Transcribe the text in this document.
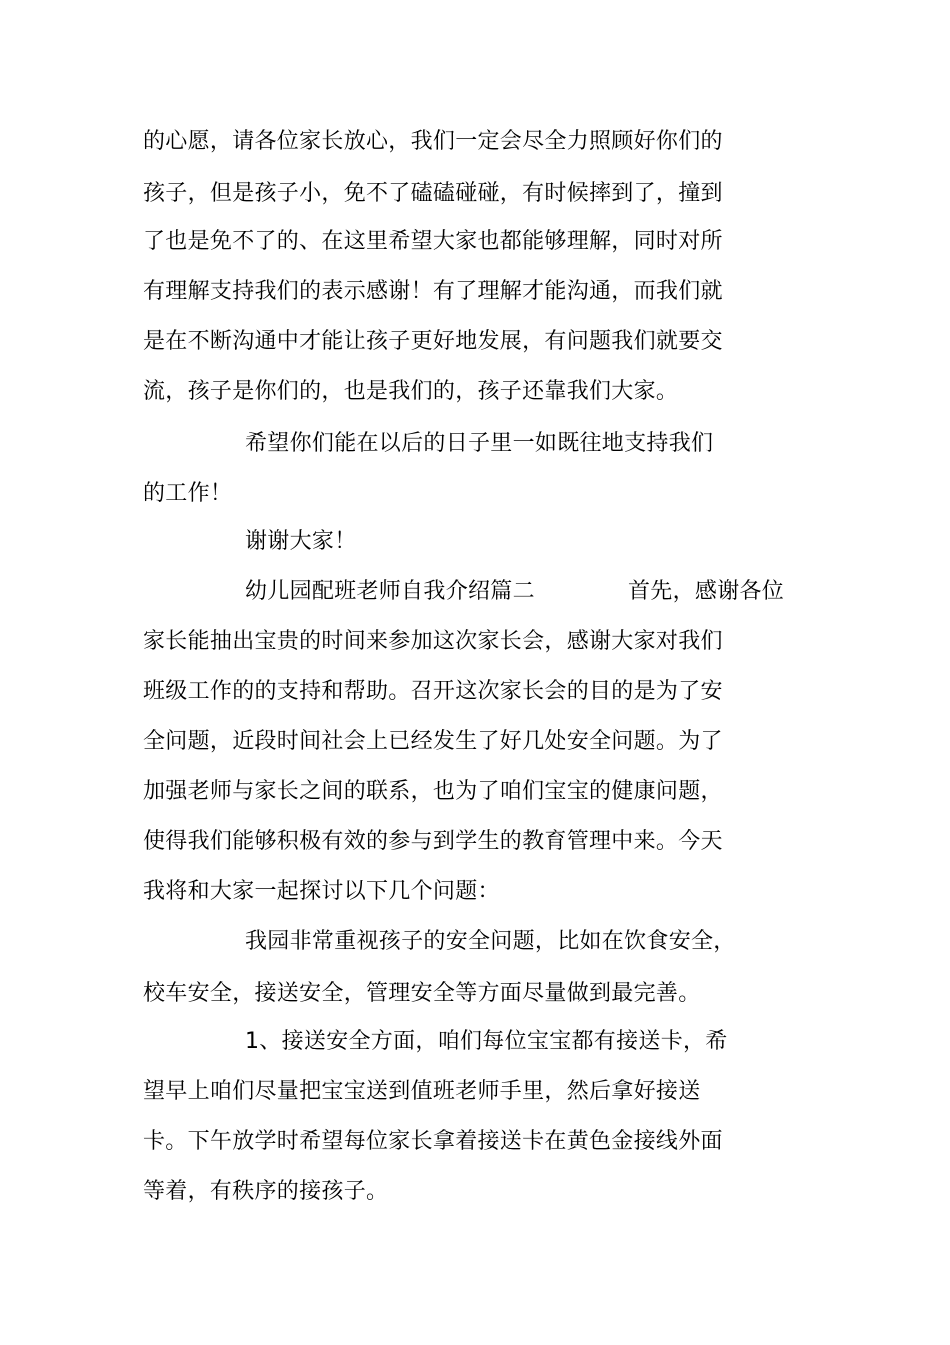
的心愿，请各位家长放心，我们一定会尽全力照顾好你们的
孩子，但是孩子小，免不了磕磕碰碰，有时候摔到了，撞到
了也是免不了的、在这里希望大家也都能够理解，同时对所
有理解支持我们的表示感谢！有了理解才能沟通，而我们就
是在不断沟通中才能让孩子更好地发展，有问题我们就要交
流，孩子是你们的，也是我们的，孩子还靠我们大家。
希望你们能在以后的日子里一如既往地支持我们
的工作！
谢谢大家！
幼儿园配班老师自我介绍篇二	首先，感谢各位
家长能抽出宝贵的时间来参加这次家长会，感谢大家对我们
班级工作的的支持和帮助。召开这次家长会的目的是为了安
全问题，近段时间社会上已经发生了好几处安全问题。为了
加强老师与家长之间的联系，也为了咱们宝宝的健康问题，
使得我们能够积极有效的参与到学生的教育管理中来。今天
我将和大家一起探讨以下几个问题：
我园非常重视孩子的安全问题，比如在饮食安全，
校车安全，接送安全，管理安全等方面尽量做到最完善。
1、接送安全方面，咱们每位宝宝都有接送卡，希
望早上咱们尽量把宝宝送到值班老师手里，然后拿好接送
卡。下午放学时希望每位家长拿着接送卡在黄色金接线外面
等着，有秩序的接孩子。
